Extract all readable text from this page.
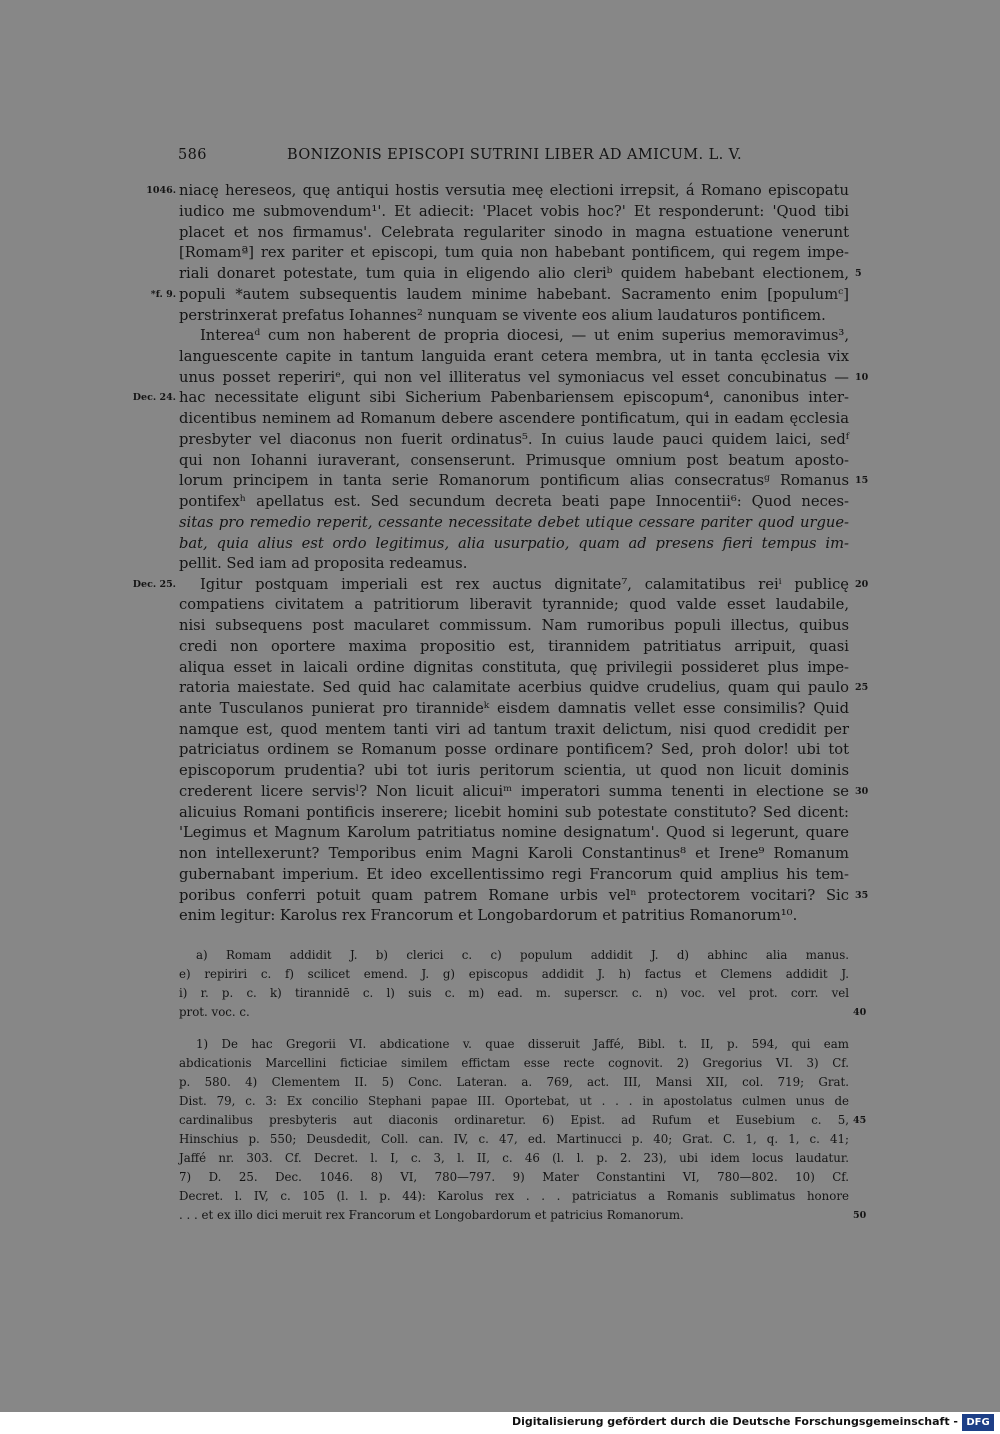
586	BONIZONIS EPISCOPI SUTRINI LIBER AD AMICUM. L. V.
niacę hereseos, quę antiqui hostis versutia meę electioni irrepsit, á Romano episcopatu
iudico me submovendum¹'. Et adiecit: 'Placet vobis hoc?' Et responderunt: 'Quod tibi
placet et nos firmamus'. Celebrata regulariter sinodo in magna estuatione venerunt
[Romamª] rex pariter et episcopi, tum quia non habebant pontificem, qui regem impe-
riali donaret potestate, tum quia in eligendo alio cleriᵇ quidem habebant electionem,
populi *autem subsequentis laudem minime habebant. Sacramento enim [populumᶜ]
perstrinxerat prefatus Iohannes² nunquam se vivente eos alium laudaturos pontificem.
Intereaᵈ cum non haberent de propria diocesi, — ut enim superius memoravimus³,
languescente capite in tantum languida erant cetera membra, ut in tanta ęcclesia vix
unus posset repeririᵉ, qui non vel illiteratus vel symoniacus vel esset concubinatus —
hac necessitate eligunt sibi Sicherium Pabenbariensem episcopum⁴, canonibus inter-
dicentibus neminem ad Romanum debere ascendere pontificatum, qui in eadam ęcclesia
presbyter vel diaconus non fuerit ordinatus⁵. In cuius laude pauci quidem laici, sedᶠ
qui non Iohanni iuraverant, consenserunt. Primusque omnium post beatum aposto-
lorum principem in tanta serie Romanorum pontificum alias consecratusᵍ Romanus
pontifexʰ apellatus est. Sed secundum decreta beati pape Innocentii⁶: Quod neces-
sitas pro remedio reperit, cessante necessitate debet utique cessare pariter quod urgue-
bat, quia alius est ordo legitimus, alia usurpatio, quam ad presens fieri tempus im-
pellit. Sed iam ad proposita redeamus.
Igitur postquam imperiali est rex auctus dignitate⁷, calamitatibus reiⁱ publicę
compatiens civitatem a patritiorum liberavit tyrannide; quod valde esset laudabile,
nisi subsequens post macularet commissum. Nam rumoribus populi illectus, quibus
credi non oportere maxima propositio est, tirannidem patritiatus arripuit, quasi
aliqua esset in laicali ordine dignitas constituta, quę privilegii possideret plus impe-
ratoria maiestate. Sed quid hac calamitate acerbius quidve crudelius, quam qui paulo
ante Tusculanos punierat pro tirannideᵏ eisdem damnatis vellet esse consimilis? Quid
namque est, quod mentem tanti viri ad tantum traxit delictum, nisi quod credidit per
patriciatus ordinem se Romanum posse ordinare pontificem? Sed, proh dolor! ubi tot
episcoporum prudentia? ubi tot iuris peritorum scientia, ut quod non licuit dominis
crederent licere servisˡ? Non licuit alicuiᵐ imperatori summa tenenti in electione se
alicuius Romani pontificis inserere; licebit homini sub potestate constituto? Sed dicent:
'Legimus et Magnum Karolum patritiatus nomine designatum'. Quod si legerunt, quare
non intellexerunt? Temporibus enim Magni Karoli Constantinus⁸ et Irene⁹ Romanum
gubernabant imperium. Et ideo excellentissimo regi Francorum quid amplius his tem-
poribus conferri potuit quam patrem Romane urbis velⁿ protectorem vocitari? Sic
enim legitur: Karolus rex Francorum et Longobardorum et patritius Romanorum¹⁰.
1046.
*f. 9.
Dec. 24.
Dec. 25.
5
10
15
20
25
30
35
a) Romam addidit J. b) clerici c. c) populum addidit J. d) abhinc alia manus.
e) repiriri c. f) scilicet emend. J. g) episcopus addidit J. h) factus et Clemens addidit J.
i) r. p. c. k) tirannidē c. l) suis c. m) ead. m. superscr. c. n) voc. vel prot. corr. vel
prot. voc. c.	40
1) De hac Gregorii VI. abdicatione v. quae disseruit Jaffé, Bibl. t. II, p. 594, qui eam
abdicationis Marcellini ficticiae similem effictam esse recte cognovit. 2) Gregorius VI. 3) Cf.
p. 580. 4) Clementem II. 5) Conc. Lateran. a. 769, act. III, Mansi XII, col. 719; Grat.
Dist. 79, c. 3: Ex concilio Stephani papae III. Oportebat, ut . . . in apostolatus culmen unus de
cardinalibus presbyteris aut diaconis ordinaretur. 6) Epist. ad Rufum et Eusebium c. 5,
Hinschius p. 550; Deusdedit, Coll. can. IV, c. 47, ed. Martinucci p. 40; Grat. C. 1, q. 1, c. 41;
Jaffé nr. 303. Cf. Decret. l. I, c. 3, l. II, c. 46 (l. l. p. 2. 23), ubi idem locus laudatur.
7) D. 25. Dec. 1046. 8) VI, 780—797. 9) Mater Constantini VI, 780—802. 10) Cf.
Decret. l. IV, c. 105 (l. l. p. 44): Karolus rex . . . patriciatus a Romanis sublimatus honore
. . . et ex illo dici meruit rex Francorum et Longobardorum et patricius Romanorum.
45
50
Digitalisierung gefördert durch die Deutsche Forschungsgemeinschaft - DFG
